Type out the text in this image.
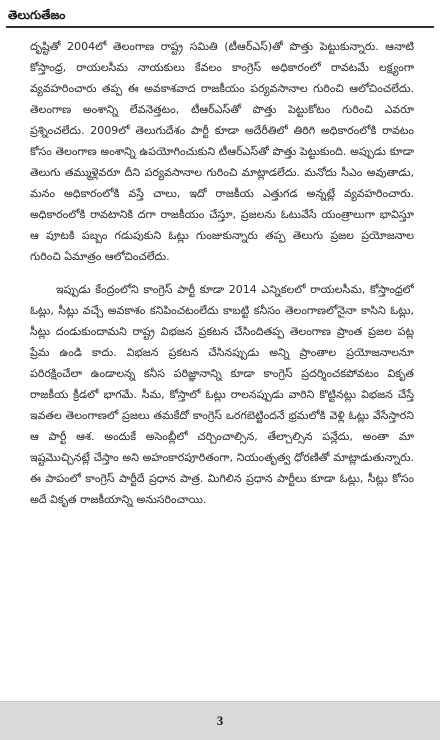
తెలుగుతేజం

దృష్టితో 2004లో తెలంగాణ రాష్ట్ర సమితి (టీఆర్ఎస్)తో పొత్తు పెట్టుకున్నారు. ఆనాటి కోస్తాంధ్ర, రాయలసీమ నాయకులు కేవలం కాంగ్రెస్ అధికారంలో రావటమే లక్ష్యంగా వ్యవహరించారు తప్ప ఈ అవకాశవాద రాజకీయం పర్యవసానాల గురించి ఆలోచించలేదు. తెలంగాణ అంశాన్ని లేవనెత్తటం, టీఆర్ఎస్‌తో పొత్తు పెట్టుకోటం గురించి ఎవరూ ప్రశ్నించలేదు. 2009లో తెలుగుదేశం పార్టీ కూడా అదేరీతిలో తిరిగి అధికారంలోకి రావటం కోసం తెలంగాణ అంశాన్ని ఉపయోగించుకుని టీఆర్ఎస్‌తో పొత్తు పెట్టుకుంది. అప్పుడు కూడా తెలుగు తమ్ముళ్లెవరూ దీని పర్యవసానాల గురించి మాట్లాడలేదు. మనోదు సీఎం అవుతాడు, మనం అధికారంలోకి వస్తే చాలు, ఇదో రాజకీయ ఎత్తుగడ అన్నట్లే వ్యవహరించారు. అధికారంలోకి రావటానికి దగా రాజకీయం చేస్తూ, ప్రజలను ఓటువేసే యంత్రాలుగా భావిస్తూ ఆ పూటకి పబ్బం గడుపుకుని ఓట్లు గుంజుకున్నారు తప్ప తెలుగు ప్రజల ప్రయోజనాల గురించి ఏమాత్రం ఆలోచించలేదు.

ఇప్పుడు కేంద్రంలోని కాంగ్రెస్ పార్టీ కూడా 2014 ఎన్నికలలో రాయలసీమ, కోస్తాంధ్రలో ఓట్లు, సీట్లు వచ్చే అవకాశం కనిపించటంలేదు కాబట్టి కనీసం తెలంగాణలోనైనా కాసిని ఓట్లు, సీట్లు దండుకుందామని రాష్ట్ర విభజన ప్రకటన చేసిందితప్ప తెలంగాణ ప్రాంత ప్రజల పట్ల ప్రేమ ఉండి కాదు. విభజన ప్రకటన చేసినప్పుడు అన్ని ప్రాంతాల ప్రయోజనాలనూ పరిరక్షించేలా ఉండాలన్న కనీస పరిజ్ఞానాన్ని కూడా కాంగ్రెస్ ప్రదర్శించకపోవటం వికృత రాజకీయ క్రీడలో భాగమే. సీమ, కోస్తాలో ఓట్లు రాలనప్పుడు వారిని కొట్టినట్లు విభజన చేస్తే ఇవతల తెలంగాణలో ప్రజలు తమకేదో కాంగ్రెస్ ఒరగబెట్టిందనే భ్రమలోకి వెళ్లి ఓట్లు వేసేస్తారని ఆ పార్టీ ఆశ. అందుకే అసెంబ్లీలో చర్చించాల్సిన, తేల్చాల్సిన పన్లేదు, అంతా మా ఇష్టమొచ్చినట్లే చేస్తాం అని అహంకారపూరితంగా, నియంతృత్వ ధోరణితో మాట్లాడుతున్నారు. ఈ పాపంలో కాంగ్రెస్ పార్టీదే ప్రధాన పాత్ర. మిగిలిన ప్రధాన పార్టీలు కూడా ఓట్లు, సీట్లు కోసం అదే వికృత రాజకీయాన్ని అనుసరించాయి.

3
